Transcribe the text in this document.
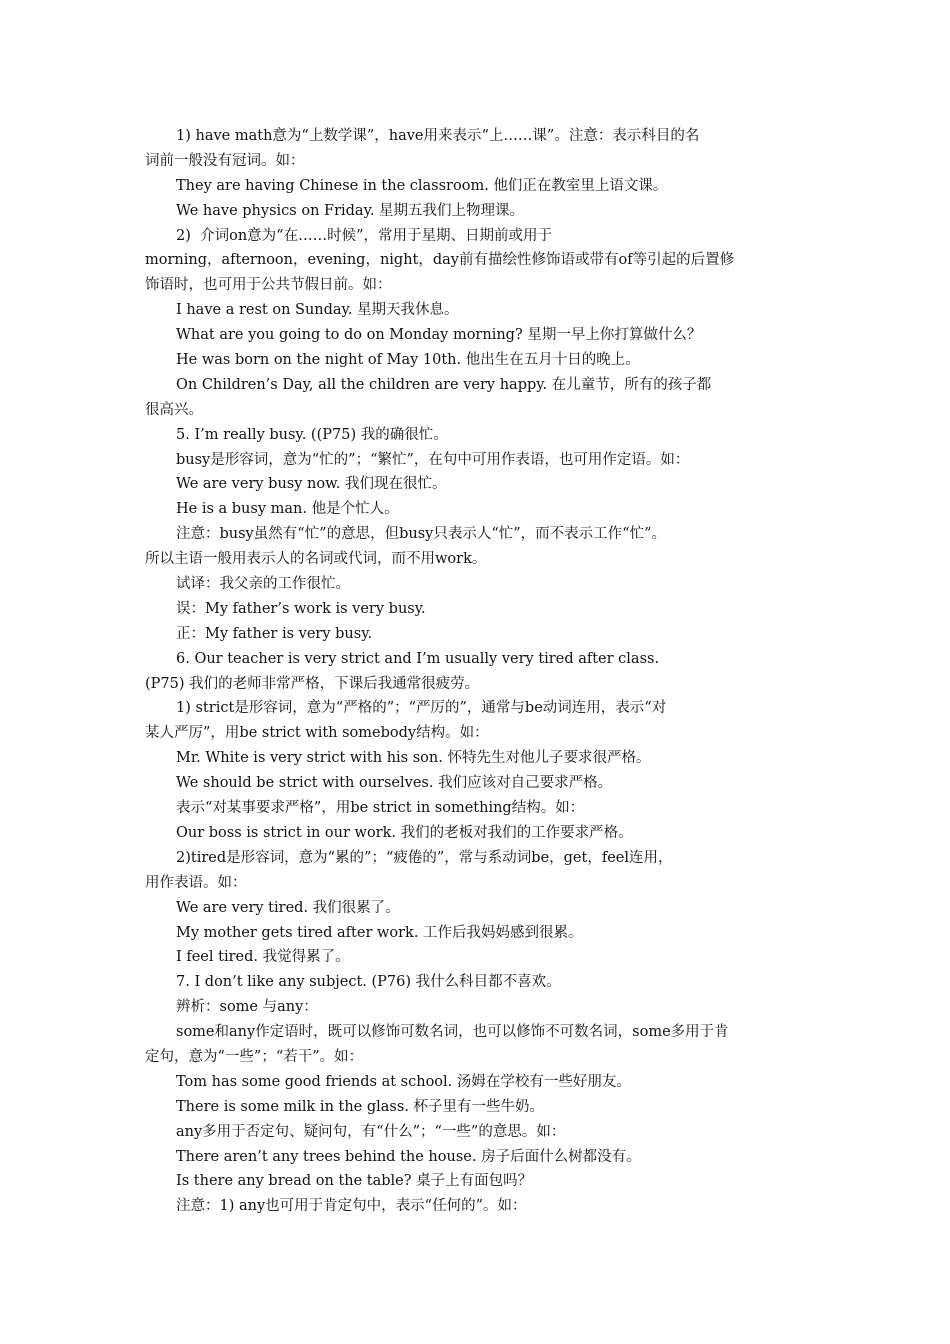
1) have math意为“上数学课”，have用来表示“上……课”。注意：表示科目的名
词前一般没有冠词。如：
They are having Chinese in the classroom. 他们正在教室里上语文课。
We have physics on Friday. 星期五我们上物理课。
2)  介词on意为“在……时候”，常用于星期、日期前或用于
morning，afternoon，evening，night，day前有描绘性修饰语或带有of等引起的后置修
饰语时，也可用于公共节假日前。如：
I have a rest on Sunday. 星期天我休息。
What are you going to do on Monday morning? 星期一早上你打算做什么？
He was born on the night of May 10th. 他出生在五月十日的晚上。
On Children’s Day, all the children are very happy. 在儿童节，所有的孩子都
很高兴。
5. I’m really busy. ((P75) 我的确很忙。
busy是形容词，意为“忙的”；“繁忙”，在句中可用作表语，也可用作定语。如：
We are very busy now. 我们现在很忙。
He is a busy man. 他是个忙人。
注意：busy虽然有“忙”的意思，但busy只表示人“忙”，而不表示工作“忙”。
所以主语一般用表示人的名词或代词，而不用work。
试译：我父亲的工作很忙。
误：My father’s work is very busy.
正：My father is very busy.
6. Our teacher is very strict and I’m usually very tired after class.
(P75) 我们的老师非常严格，下课后我通常很疲劳。
1) strict是形容词，意为“严格的”；“严厉的”，通常与be动词连用，表示“对
某人严厉”，用be strict with somebody结构。如：
Mr. White is very strict with his son. 怀特先生对他儿子要求很严格。
We should be strict with ourselves. 我们应该对自己要求严格。
表示“对某事要求严格”，用be strict in something结构。如：
Our boss is strict in our work. 我们的老板对我们的工作要求严格。
2)tired是形容词，意为“累的”；“疲倦的”，常与系动词be，get，feel连用，
用作表语。如：
We are very tired. 我们很累了。
My mother gets tired after work. 工作后我妈妈感到很累。
I feel tired. 我觉得累了。
7. I don’t like any subject. (P76) 我什么科目都不喜欢。
辨析：some 与any：
some和any作定语时，既可以修饰可数名词，也可以修饰不可数名词，some多用于肯
定句，意为“一些”；“若干”。如：
Tom has some good friends at school. 汤姆在学校有一些好朋友。
There is some milk in the glass. 杯子里有一些牛奶。
any多用于否定句、疑问句，有“什么”；“一些”的意思。如：
There aren’t any trees behind the house. 房子后面什么树都没有。
Is there any bread on the table? 桌子上有面包吗？
注意：1) any也可用于肯定句中，表示“任何的”。如：
